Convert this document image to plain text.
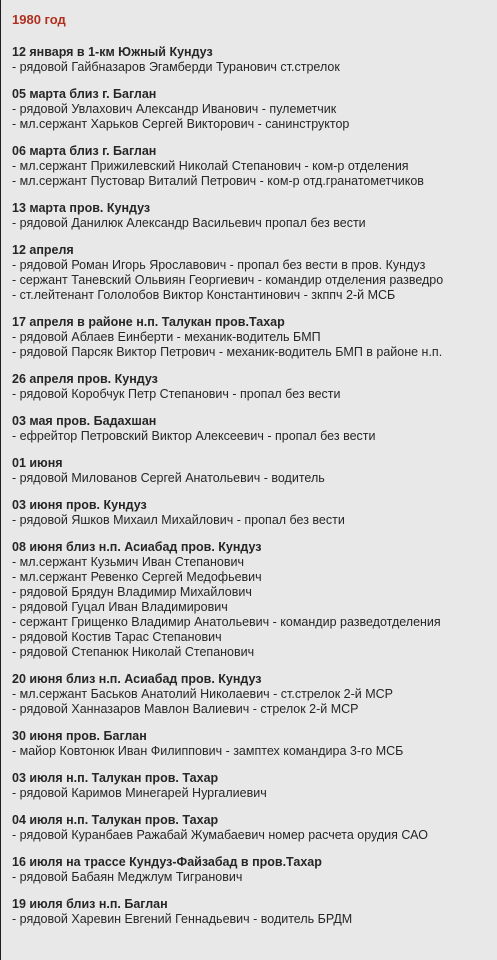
1980 год
12 января в 1-км Южный Кундуз
- рядовой Гайбназаров Эгамберди Туранович ст.стрелок
05 марта близ г. Баглан
- рядовой Увлахович Александр Иванович - пулеметчик
- мл.сержант Харьков Сергей Викторович - санинструктор
06 марта близ г. Баглан
- мл.сержант Прижилевский Николай Степанович - ком-р отделения
- мл.сержант Пустовар Виталий Петрович - ком-р отд.гранатометчиков
13 марта пров. Кундуз
- рядовой Данилюк Александр Васильевич пропал без вести
12 апреля
- рядовой Роман Игорь Ярославович - пропал без вести в пров. Кундуз
- сержант Таневский Ольвиян Георгиевич - командир отделения разведро
- ст.лейтенант Гололобов Виктор Константинович - зкппч 2-й МСБ
17 апреля в районе н.п. Талукан пров.Тахар
- рядовой Аблаев Еинберти - механик-водитель БМП
- рядовой Парсяк Виктор Петрович - механик-водитель БМП в районе н.п.
26 апреля пров. Кундуз
- рядовой Коробчук Петр Степанович - пропал без вести
03 мая пров. Бадахшан
- ефрейтор Петровский Виктор Алексеевич - пропал без вести
01 июня
- рядовой Милованов Сергей Анатольевич - водитель
03 июня пров. Кундуз
- рядовой Яшков Михаил Михайлович - пропал без вести
08 июня близ н.п. Асиабад пров. Кундуз
- мл.сержант Кузьмич Иван Степанович
- мл.сержант Ревенко Сергей Медофьевич
- рядовой Брядун Владимир Михайлович
- рядовой Гуцал Иван Владимирович
- сержант Грищенко Владимир Анатольевич - командир разведотделения
- рядовой Костив Тарас Степанович
- рядовой Степанюк Николай Степанович
20 июня близ н.п. Асиабад пров. Кундуз
- мл.сержант Баськов Анатолий Николаевич - ст.стрелок 2-й МСР
- рядовой Ханназаров Мавлон Валиевич - стрелок 2-й МСР
30 июня пров. Баглан
- майор Ковтонюк Иван Филиппович - замптех командира 3-го МСБ
03 июля н.п. Талукан пров. Тахар
- рядовой Каримов Минегарей Нургалиевич
04 июля н.п. Талукан пров. Тахар
- рядовой Куранбаев Ражабай Жумабаевич номер расчета орудия САО
16 июля на трассе Кундуз-Файзабад в пров.Тахар
- рядовой Бабаян Меджлум Тигранович
19 июля близ н.п. Баглан
- рядовой Харевин Евгений Геннадьевич - водитель БРДМ
